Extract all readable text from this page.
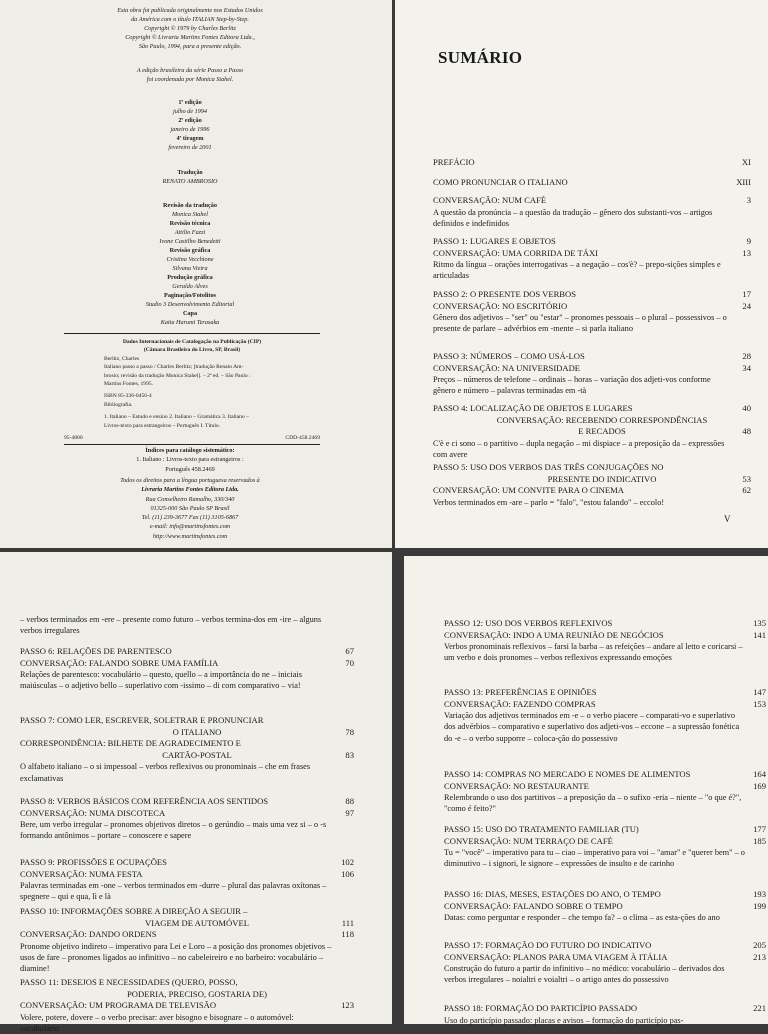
Esta obra foi publicada originalmente nos Estados Unidos
da América com o título ITALIAN Step-by-Step.
Copyright © 1979 by Charles Berlitz
Copyright © Livraria Martins Fontes Editora Ltda.,
São Paulo, 1994, para a presente edição.
A edição brasileira da série Passo a Passo
foi coordenada por Monica Stahel.
1ª edição
julho de 1994
2ª edição
janeiro de 1996
4ª tiragem
fevereiro de 2001
Tradução
RENATO AMBROSIO
Revisão da tradução
Monica Stahel
Revisão técnica
Attilio Fazzi
Ivone Castilho Benedetti
Revisão gráfica
Cristina Vecchione
Silvana Vieira
Produção gráfica
Geraldo Alves
Paginação/Fotolitos
Studio 3 Desenvolvimento Editorial
Capa
Katia Harumi Terasaka
Dados Internacionais de Catalogação na Publicação (CIP)
(Câmara Brasileira do Livro, SP, Brasil)
Berlitz, Charles
Italiano passo a passo / Charles Berlitz; [tradução Renato Am-
brosio; revisão da tradução Monica Stahel]. – 2ª ed. – São Paulo :
Martins Fontes, 1995.
ISBN 85-336-0456-4
Bibliografia.
1. Italiano – Estudo e ensino 2. Italiano – Gramática 3. Italiano –
Livros-texto para estrangeiros – Português I. Título.
95-4800	CDD-458.2469
Índices para catálogo sistemático:
1. Italiano : Livros-texto para estrangeiros :
Português 458.2469
Todos os direitos para a língua portuguesa reservados à
Livraria Martins Fontes Editora Ltda.
Rua Conselheiro Ramalho, 330/340
01325-000 São Paulo SP Brasil
Tel. (11) 239-3677 Fax (11) 3105-6867
e-mail: info@martinsfontes.com
http://www.martinsfontes.com
PREFÁCIO	XI
COMO PRONUNCIAR O ITALIANO	XIII
CONVERSAÇÃO: NUM CAFÉ	3
A questão da pronúncia – a questão da tradução – gênero dos substanti-vos – artigos definidos e indefinidos
PASSO 1: LUGARES E OBJETOS	9
CONVERSAÇÃO: UMA CORRIDA DE TÁXI	13
Ritmo da língua – orações interrogativas – a negação – cos'è? – prepo-sições simples e articuladas
PASSO 2: O PRESENTE DOS VERBOS	17
CONVERSAÇÃO: NO ESCRITÓRIO	24
Gênero dos adjetivos – "ser" ou "estar" – pronomes pessoais – o plural – possessivos – o presente de parlare – advérbios em -mente – si parla italiano
PASSO 3: NÚMEROS – COMO USÁ-LOS	28
CONVERSAÇÃO: NA UNIVERSIDADE	34
Preços – números de telefone – ordinais – horas – variação dos adjeti-vos conforme gênero e número – palavras terminadas em -tà
PASSO 4: LOCALIZAÇÃO DE OBJETOS E LUGARES	40
CONVERSAÇÃO: RECEBENDO CORRESPONDÊNCIAS
E RECADOS	48
C'è e ci sono – o partitivo – dupla negação – mi dispiace – a preposição da – expressões com avere
PASSO 5: USO DOS VERBOS DAS TRÊS CONJUGAÇÕES NO
PRESENTE DO INDICATIVO	53
CONVERSAÇÃO: UM CONVITE PARA O CINEMA	62
Verbos terminados em -are – parlo = "falo", "estou falando" – eccolo!
SUMÁRIO
V
– verbos terminados em -ere – presente como futuro – verbos termina-dos em -ire – alguns verbos irregulares
PASSO 6: RELAÇÕES DE PARENTESCO	67
CONVERSAÇÃO: FALANDO SOBRE UMA FAMÍLIA	70
Relações de parentesco: vocabulário – questo, quello – a importância do ne – iniciais maiúsculas – o adjetivo bello – superlativo com -issimo – di com comparativo – via!
PASSO 7: COMO LER, ESCREVER, SOLETRAR E PRONUNCIAR
O ITALIANO	78
CORRESPONDÊNCIA: BILHETE DE AGRADECIMENTO E
CARTÃO-POSTAL	83
O alfabeto italiano – o si impessoal – verbos reflexivos ou pronominais – che em frases exclamativas
PASSO 8: VERBOS BÁSICOS COM REFERÊNCIA AOS SENTIDOS	88
CONVERSAÇÃO: NUMA DISCOTECA	97
Bere, um verbo irregular – pronomes objetivos diretos – o gerúndio – mais uma vez si – o -s formando antônimos – portare – conoscere e sapere
PASSO 9: PROFISSÕES E OCUPAÇÕES	102
CONVERSAÇÃO: NUMA FESTA	106
Palavras terminadas em -one – verbos terminados em -durre – plural das palavras oxítonas – spegnere – qui e qua, lì e là
PASSO 10: INFORMAÇÕES SOBRE A DIREÇÃO A SEGUIR –
VIAGEM DE AUTOMÓVEL	111
CONVERSAÇÃO: DANDO ORDENS	118
Pronome objetivo indireto – imperativo para Lei e Loro – a posição dos pronomes objetivos – usos de fare – pronomes ligados ao infinitivo – no cabeleireiro e no barbeiro: vocabulário – diamine!
PASSO 11: DESEJOS E NECESSIDADES (QUERO, POSSO,
PODERIA, PRECISO, GOSTARIA DE)
CONVERSAÇÃO: UM PROGRAMA DE TELEVISÃO	123
Volere, potere, dovere – o verbo precisar: aver bisogno e bisognare – o automóvel: vocabulário
PASSO 12: USO DOS VERBOS REFLEXIVOS	135
CONVERSAÇÃO: INDO A UMA REUNIÃO DE NEGÓCIOS	141
Verbos pronominais reflexivos – farsi la barba – as refeições – andare al letto e coricarsi – um verbo e dois pronomes – verbos reflexivos expressando emoções
PASSO 13: PREFERÊNCIAS E OPINIÕES	147
CONVERSAÇÃO: FAZENDO COMPRAS	153
Variação dos adjetivos terminados em -e – o verbo piacere – comparati-vo e superlativo dos advérbios – comparativo e superlativo dos adjeti-vos – eccone – a supressão fonética do -e – o verbo supporre – coloca-ção do possessivo
PASSO 14: COMPRAS NO MERCADO E NOMES DE ALIMENTOS	164
CONVERSAÇÃO: NO RESTAURANTE	169
Relembrando o uso dos partitivos – a preposição da – o sufixo -eria – niente – "o que é?", "como é feito?"
PASSO 15: USO DO TRATAMENTO FAMILIAR (TU)	177
CONVERSAÇÃO: NUM TERRAÇO DE CAFÉ	185
Tu = "você" – imperativo para tu – ciao – imperativo para voi – "amar" e "querer bem" – o diminutivo – i signori, le signore – expressões de insulto e de carinho
PASSO 16: DIAS, MESES, ESTAÇÕES DO ANO, O TEMPO	193
CONVERSAÇÃO: FALANDO SOBRE O TEMPO	199
Datas: como perguntar e responder – che tempo fa? – o clima – as esta-ções do ano
PASSO 17: FORMAÇÃO DO FUTURO DO INDICATIVO	205
CONVERSAÇÃO: PLANOS PARA UMA VIAGEM À ITÁLIA	213
Construção do futuro a partir do infinitivo – no médico: vocabulário – derivados dos verbos irregulares – noialtri e voialtri – o artigo antes do possessivo
PASSO 18: FORMAÇÃO DO PARTICÍPIO PASSADO	221
Uso do particípio passado: placas e avisos – formação do particípio pas-
